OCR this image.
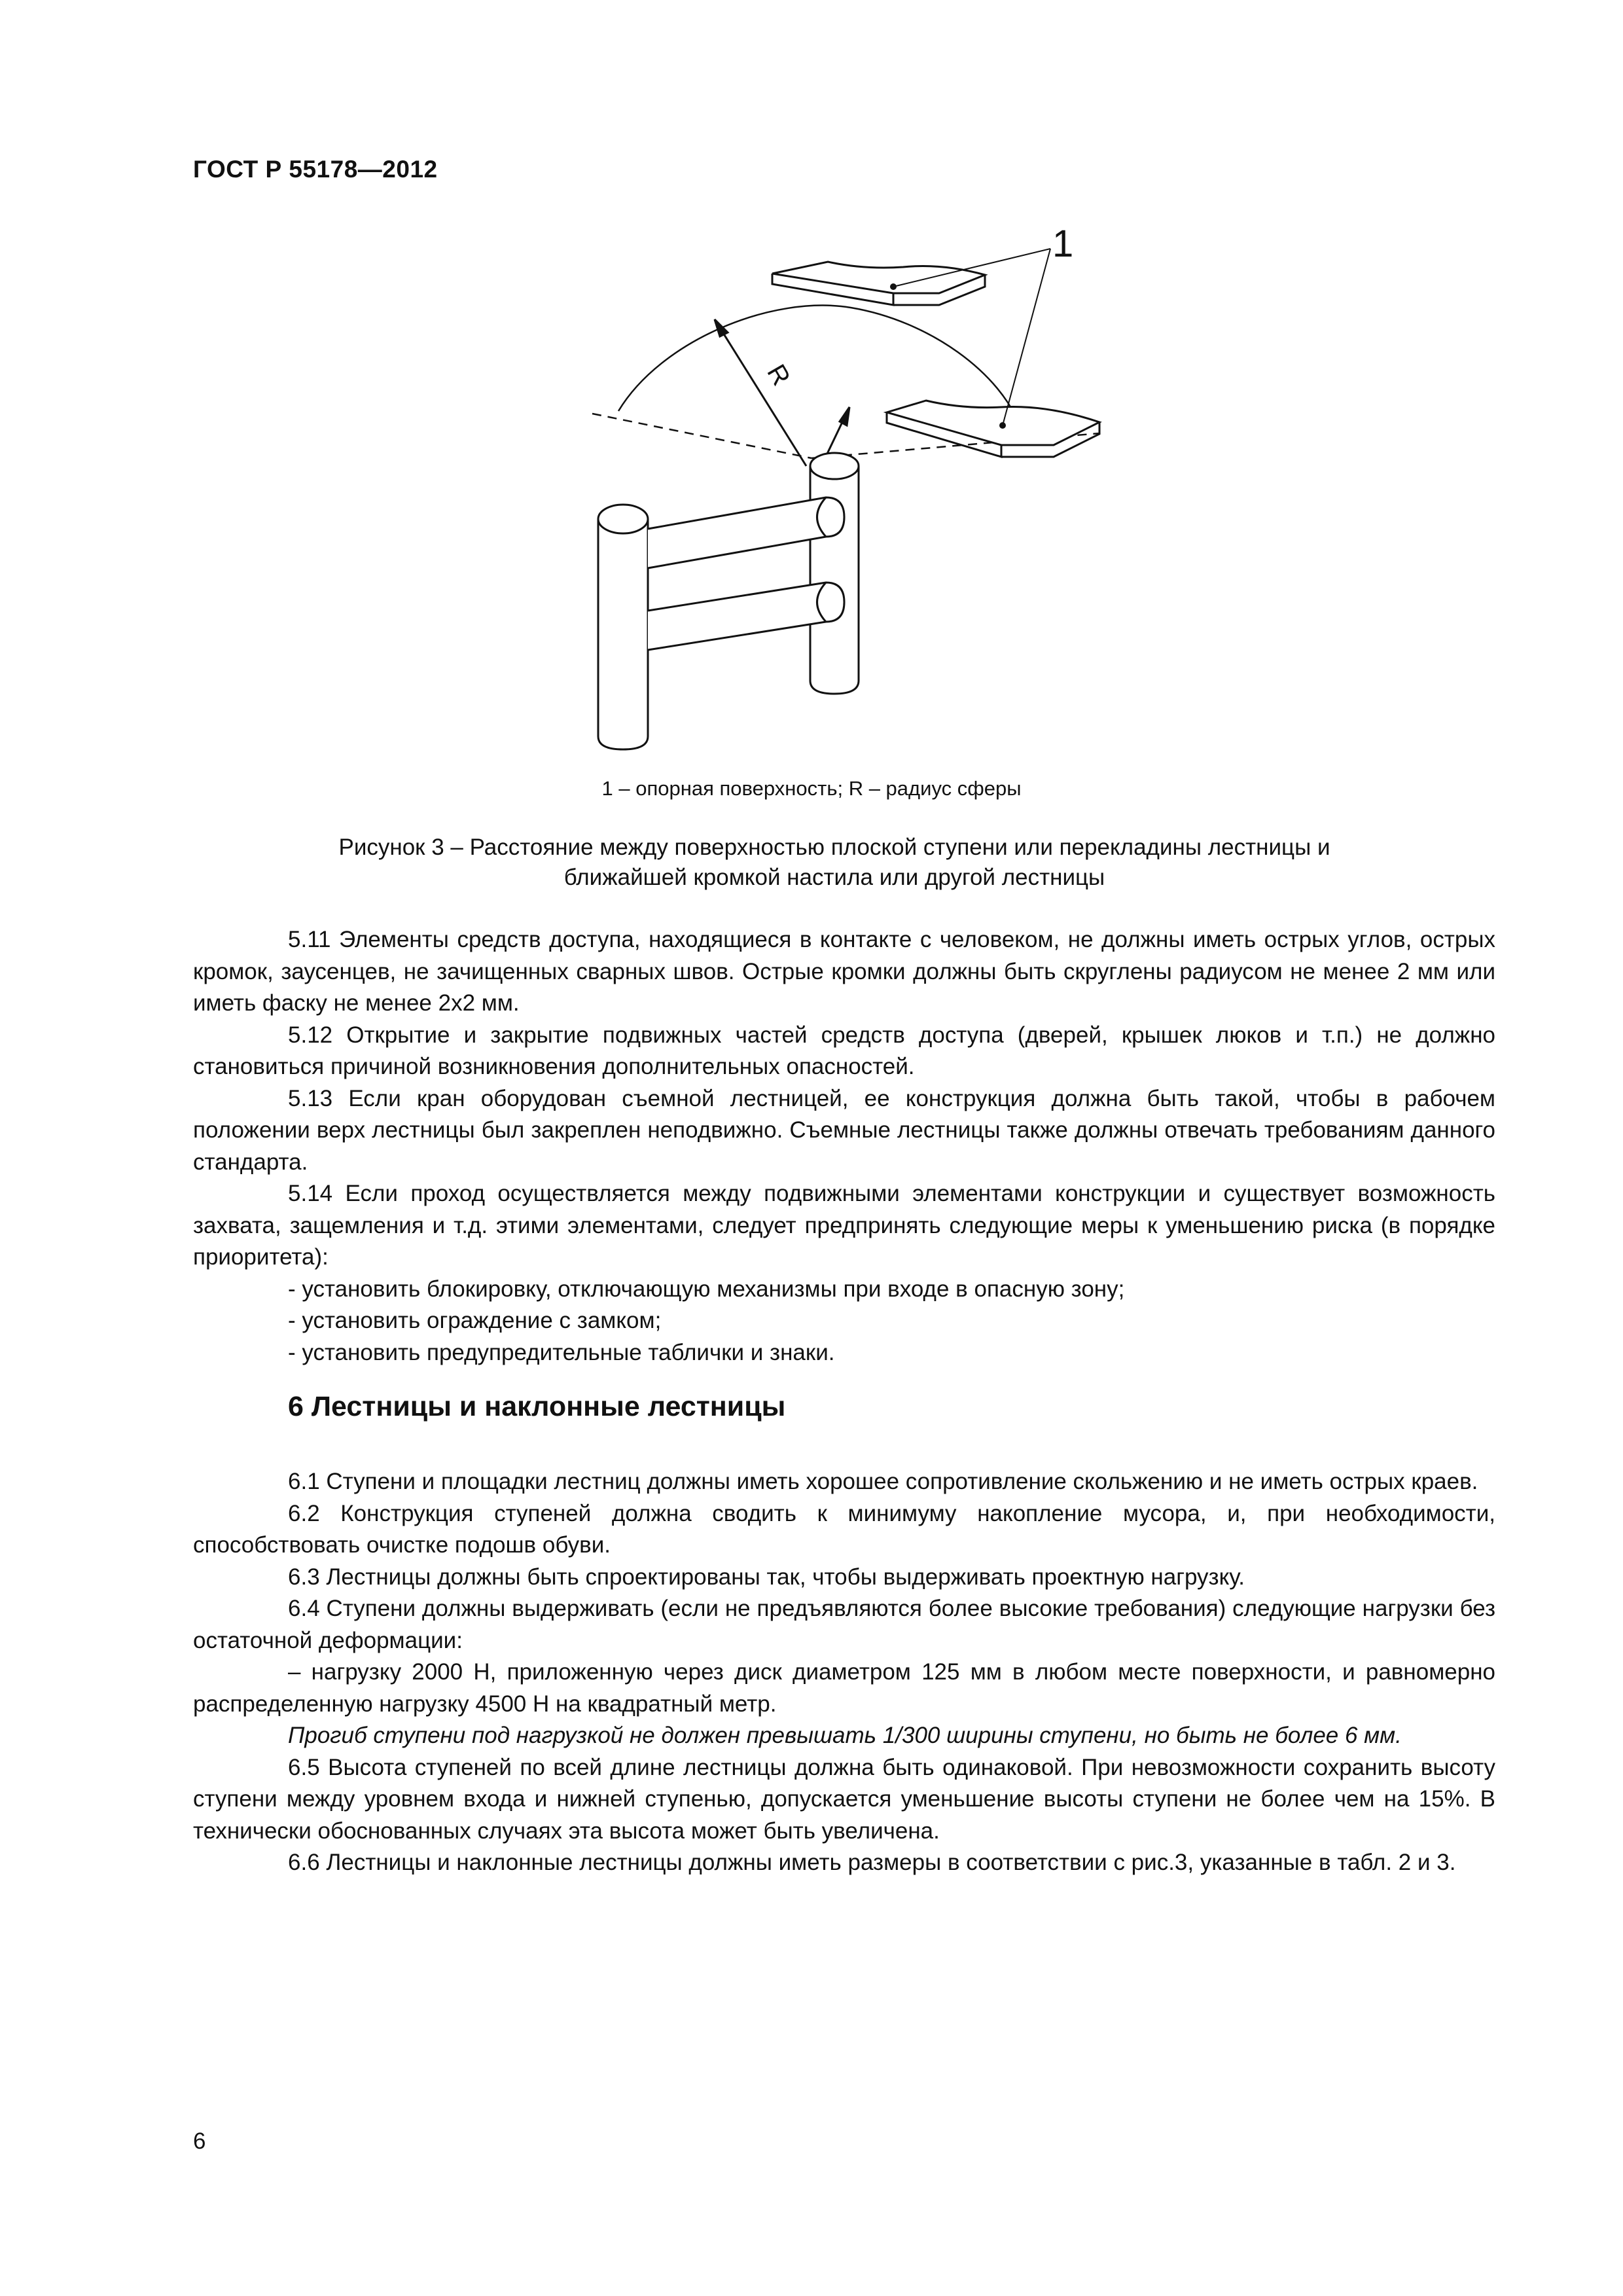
ГОСТ Р 55178—2012
1
R
1 – опорная поверхность; R – радиус сферы
Рисунок 3 – Расстояние между поверхностью плоской ступени или перекладины лестницы и
ближайшей кромкой настила или другой лестницы

5.11 Элементы средств доступа, находящиеся в контакте с человеком, не должны иметь острых углов, острых кромок, заусенцев, не зачищенных сварных швов. Острые кромки должны быть скруглены радиусом не менее 2 мм или иметь фаску не менее 2х2 мм.

5.12 Открытие и закрытие подвижных частей средств доступа (дверей, крышек люков и т.п.) не должно становиться причиной возникновения дополнительных опасностей.

5.13 Если кран оборудован съемной лестницей, ее конструкция должна быть такой, чтобы в рабочем положении верх лестницы был закреплен неподвижно. Съемные лестницы также должны отвечать требованиям данного стандарта.

5.14 Если проход осуществляется между подвижными элементами конструкции и существует возможность захвата, защемления и т.д. этими элементами, следует предпринять следующие меры к уменьшению риска (в порядке приоритета):

- установить блокировку, отключающую механизмы при входе в опасную зону;

- установить ограждение с замком;

- установить предупредительные таблички и знаки.

6 Лестницы и наклонные лестницы

6.1 Ступени и площадки лестниц должны иметь хорошее сопротивление скольжению и не иметь острых краев.

6.2 Конструкция ступеней должна сводить к минимуму накопление мусора, и, при необходимости, способствовать очистке подошв обуви.

6.3 Лестницы должны быть спроектированы так, чтобы выдерживать проектную нагрузку.

6.4 Ступени должны выдерживать (если не предъявляются более высокие требования) следующие нагрузки без остаточной деформации:

– нагрузку 2000 Н, приложенную через диск диаметром 125 мм в любом месте поверхности, и равномерно распределенную нагрузку 4500 Н на квадратный метр.

Прогиб ступени под нагрузкой не должен превышать 1/300 ширины ступени, но быть не более 6 мм.

6.5 Высота ступеней по всей длине лестницы должна быть одинаковой. При невозможности сохранить высоту ступени между уровнем входа и нижней ступенью, допускается уменьшение высоты ступени не более чем на 15%. В технически обоснованных случаях эта высота может быть увеличена.

6.6 Лестницы и наклонные лестницы должны иметь размеры в соответствии с рис.3, указанные в табл. 2 и 3.

6
